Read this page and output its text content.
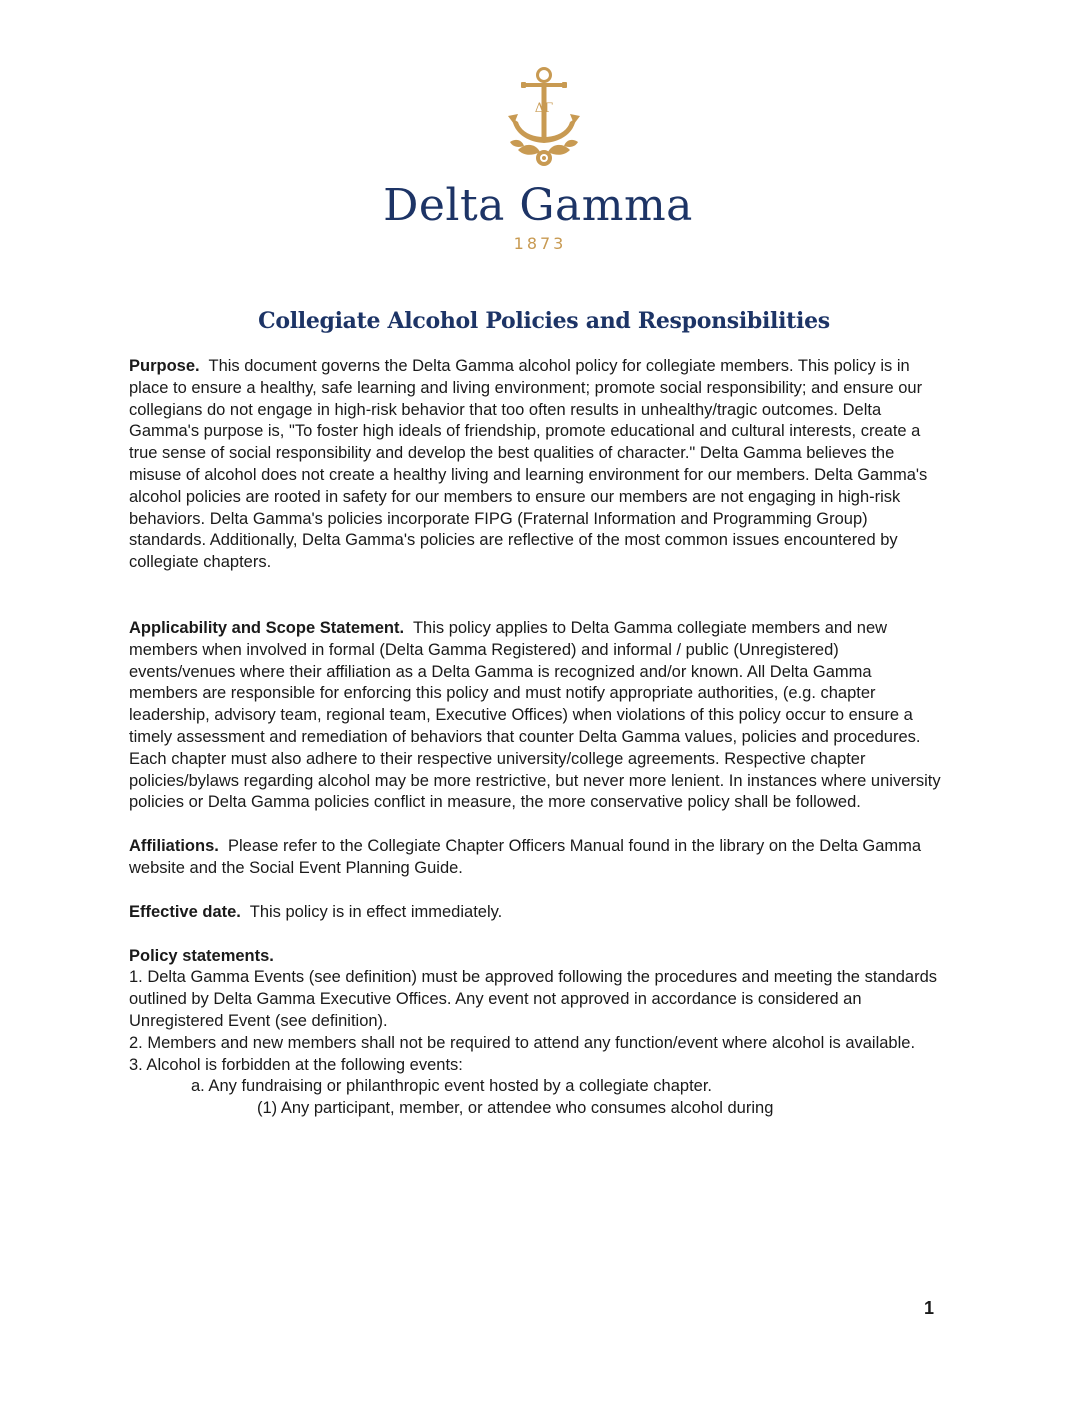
ΔΓ
Delta Gamma
1873
Collegiate Alcohol Policies and Responsibilities

Purpose. This document governs the Delta Gamma alcohol policy for collegiate members. This policy is in place to ensure a healthy, safe learning and living environment; promote social responsibility; and ensure our collegians do not engage in high-risk behavior that too often results in unhealthy/tragic outcomes. Delta Gamma's purpose is, "To foster high ideals of friendship, promote educational and cultural interests, create a true sense of social responsibility and develop the best qualities of character." Delta Gamma believes the misuse of alcohol does not create a healthy living and learning environment for our members. Delta Gamma's alcohol policies are rooted in safety for our members to ensure our members are not engaging in high-risk behaviors. Delta Gamma's policies incorporate FIPG (Fraternal Information and Programming Group) standards. Additionally, Delta Gamma's policies are reflective of the most common issues encountered by collegiate chapters.

Applicability and Scope Statement. This policy applies to Delta Gamma collegiate members and new members when involved in formal (Delta Gamma Registered) and informal / public (Unregistered) events/venues where their affiliation as a Delta Gamma is recognized and/or known. All Delta Gamma members are responsible for enforcing this policy and must notify appropriate authorities, (e.g. chapter leadership, advisory team, regional team, Executive Offices) when violations of this policy occur to ensure a timely assessment and remediation of behaviors that counter Delta Gamma values, policies and procedures. Each chapter must also adhere to their respective university/college agreements. Respective chapter policies/bylaws regarding alcohol may be more restrictive, but never more lenient. In instances where university policies or Delta Gamma policies conflict in measure, the more conservative policy shall be followed.

Affiliations. Please refer to the Collegiate Chapter Officers Manual found in the library on the Delta Gamma website and the Social Event Planning Guide.

Effective date. This policy is in effect immediately.

Policy statements.

1. Delta Gamma Events (see definition) must be approved following the procedures and meeting the standards outlined by Delta Gamma Executive Offices. Any event not approved in accordance is considered an Unregistered Event (see definition).

2. Members and new members shall not be required to attend any function/event where alcohol is available.

3. Alcohol is forbidden at the following events:

a. Any fundraising or philanthropic event hosted by a collegiate chapter.

(1) Any participant, member, or attendee who consumes alcohol during

1
